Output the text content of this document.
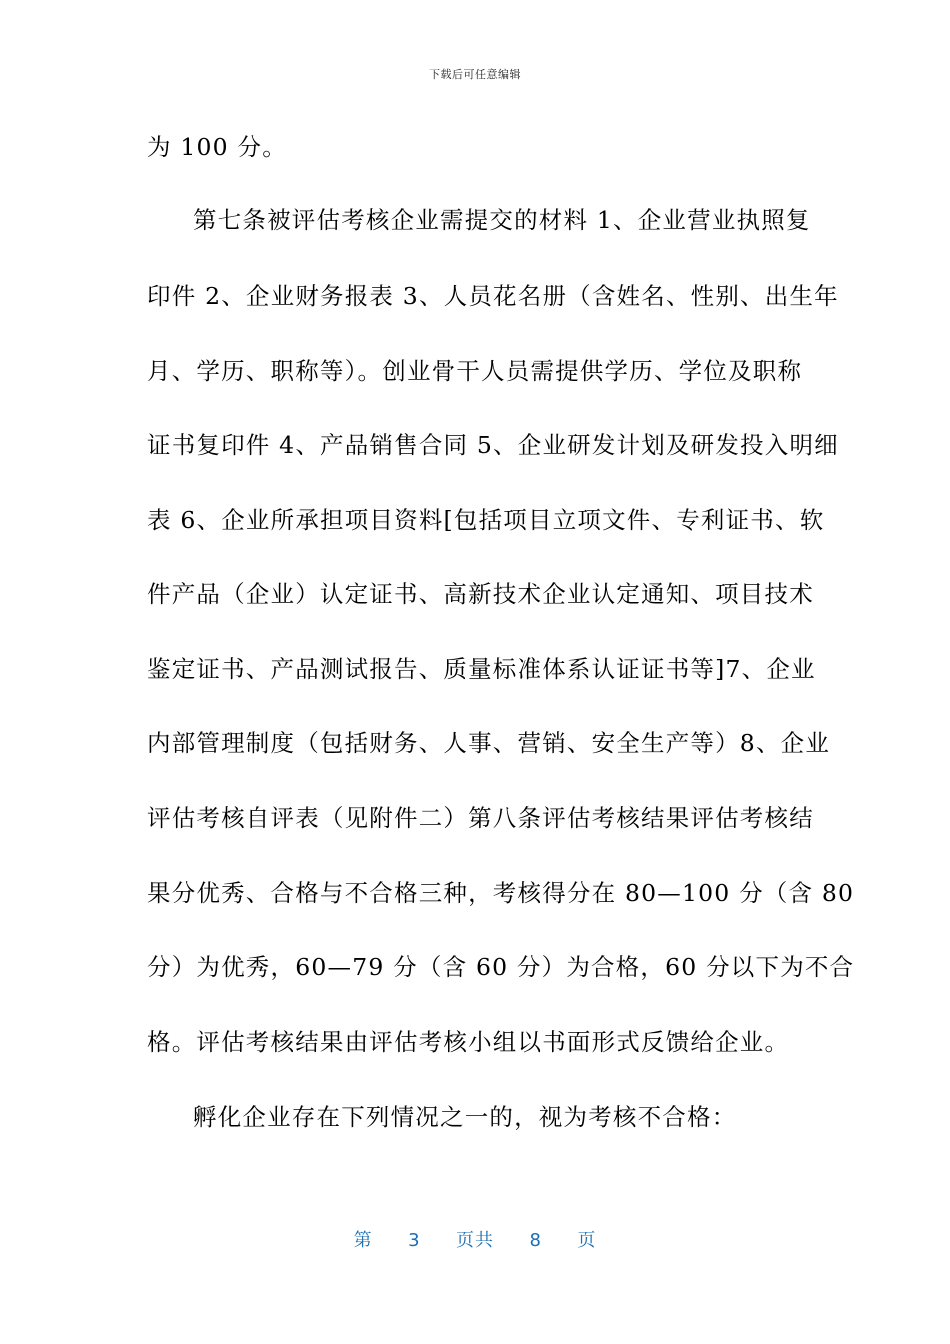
下载后可任意编辑
为 100 分。
第七条被评估考核企业需提交的材料 1、企业营业执照复
印件 2、企业财务报表 3、人员花名册（含姓名、性别、出生年
月、学历、职称等）。创业骨干人员需提供学历、学位及职称
证书复印件 4、产品销售合同 5、企业研发计划及研发投入明细
表 6、企业所承担项目资料[包括项目立项文件、专利证书、软
件产品（企业）认定证书、高新技术企业认定通知、项目技术
鉴定证书、产品测试报告、质量标准体系认证证书等]7、企业
内部管理制度（包括财务、人事、营销、安全生产等）8、企业
评估考核自评表（见附件二）第八条评估考核结果评估考核结
果分优秀、合格与不合格三种，考核得分在 80—100 分（含 80
分）为优秀，60—79 分（含 60 分）为合格，60 分以下为不合
格。评估考核结果由评估考核小组以书面形式反馈给企业。
孵化企业存在下列情况之一的，视为考核不合格：
第 3 页共 8 页
